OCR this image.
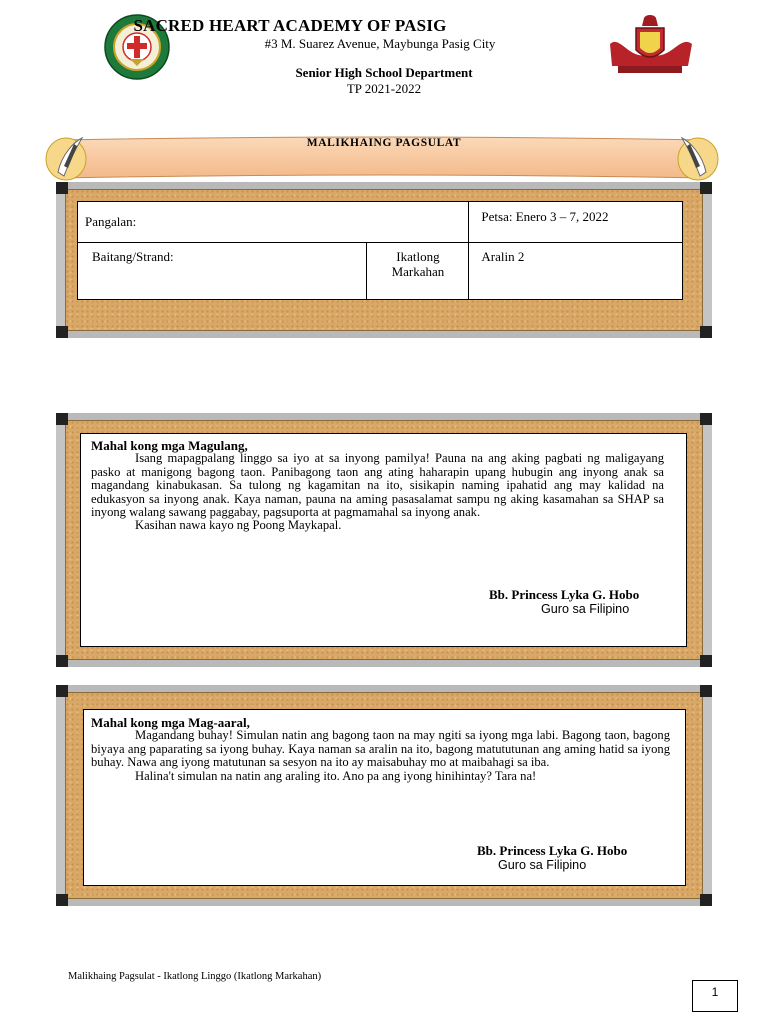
SACRED HEART ACADEMY OF PASIG
#3 M. Suarez Avenue, Maybunga Pasig City
Senior High School Department
TP 2021-2022
MALIKHAING PAGSULAT
Pangalan:		Petsa: Enero 3 – 7, 2022
Baitang/Strand:	Ikatlong Markahan	Aralin 2
Mahal kong mga Magulang,

Isang mapagpalang linggo sa iyo at sa inyong pamilya! Pauna na ang aking pagbati ng maligayang pasko at manigong bagong taon. Panibagong taon ang ating haharapin upang hubugin ang inyong anak sa magandang kinabukasan. Sa tulong ng kagamitan na ito, sisikapin naming ipahatid ang may kalidad na edukasyon sa inyong anak. Kaya naman, pauna na aming pasasalamat sampu ng aking kasamahan sa SHAP sa inyong walang sawang paggabay, pagsuporta at pagmamahal sa inyong anak.

Kasihan nawa kayo ng Poong Maykapal.

Bb. Princess Lyka G. Hobo
Guro sa Filipino
Mahal kong mga Mag-aaral,

Magandang buhay! Simulan natin ang bagong taon na may ngiti sa iyong mga labi. Bagong taon, bagong biyaya ang paparating sa iyong buhay. Kaya naman sa aralin na ito, bagong matututunan ang aming hatid sa iyong buhay. Nawa ang iyong matutunan sa sesyon na ito ay maisabuhay mo at maibahagi sa iba.

Halina't simulan na natin ang araling ito. Ano pa ang iyong hinihintay? Tara na!

Bb. Princess Lyka G. Hobo
Guro sa Filipino
Malikhaing Pagsulat - Ikatlong Linggo (Ikatlong Markahan)
1
